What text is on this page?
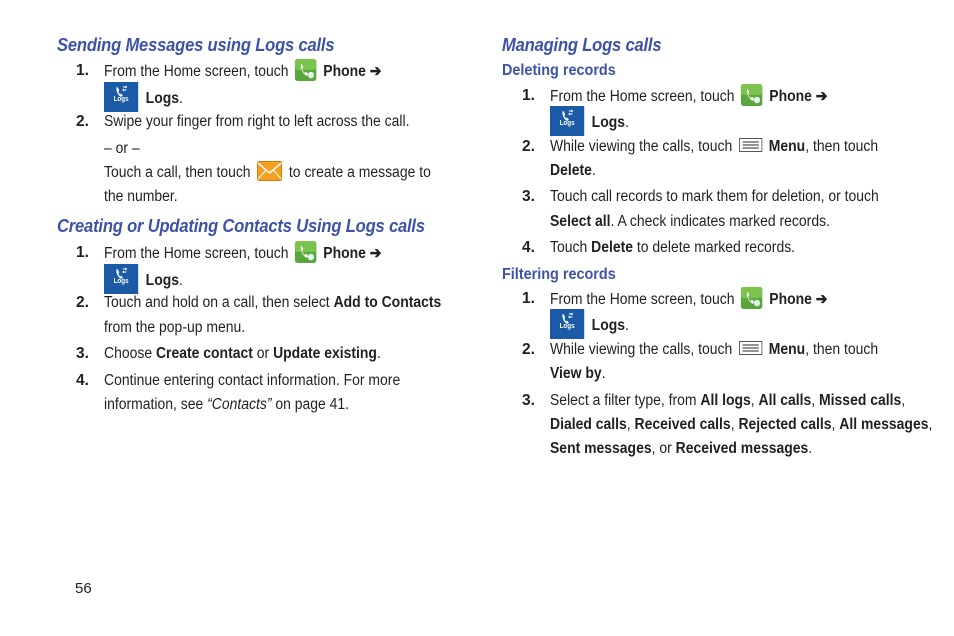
Sending Messages using Logs calls
1. From the Home screen, touch Phone ➔
Logs	Logs.
2. Swipe your finger from right to left across the call.
– or –
Touch a call, then touch to create a message to
the number.
Creating or Updating Contacts Using Logs calls
1. From the Home screen, touch Phone ➔
Logs	Logs.
2. Touch and hold on a call, then select Add to Contacts
from the pop-up menu.
3. Choose Create contact or Update existing.
4. Continue entering contact information. For more
information, see “Contacts” on page 41.
Managing Logs calls
Deleting records
1. From the Home screen, touch Phone ➔
Logs	Logs.
2. While viewing the calls, touch Menu, then touch
Delete.
3. Touch call records to mark them for deletion, or touch
Select all. A check indicates marked records.
4. Touch Delete to delete marked records.
Filtering records
1. From the Home screen, touch Phone ➔
Logs	Logs.
2. While viewing the calls, touch Menu, then touch
View by.
3. Select a filter type, from All logs, All calls, Missed calls,
Dialed calls, Received calls, Rejected calls, All messages,
Sent messages, or Received messages.
56
